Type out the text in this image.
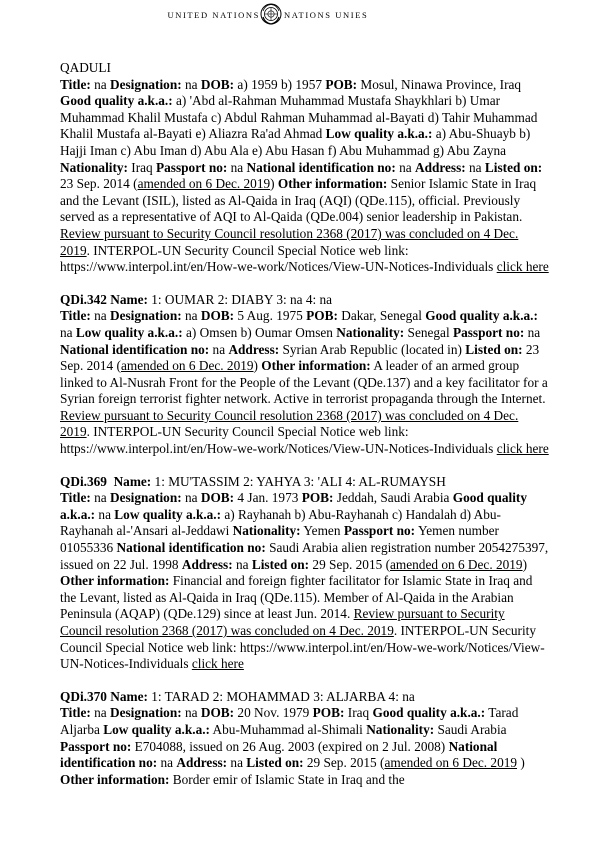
UNITED NATIONS	NATIONS UNIES

QADULI

Title: na Designation: na DOB: a) 1959 b) 1957 POB: Mosul, Ninawa Province, Iraq Good quality a.k.a.: a) 'Abd al-Rahman Muhammad Mustafa Shaykhlari b) Umar Muhammad Khalil Mustafa c) Abdul Rahman Muhammad al-Bayati d) Tahir Muhammad Khalil Mustafa al-Bayati e) Aliazra Ra'ad Ahmad Low quality a.k.a.: a) Abu-Shuayb b) Hajji Iman c) Abu Iman d) Abu Ala e) Abu Hasan f) Abu Muhammad g) Abu Zayna Nationality: Iraq Passport no: na National identification no: na Address: na Listed on: 23 Sep. 2014 (amended on 6 Dec. 2019) Other information: Senior Islamic State in Iraq and the Levant (ISIL), listed as Al-Qaida in Iraq (AQI) (QDe.115), official. Previously served as a representative of AQI to Al-Qaida (QDe.004) senior leadership in Pakistan. Review pursuant to Security Council resolution 2368 (2017) was concluded on 4 Dec. 2019. INTERPOL-UN Security Council Special Notice web link: https://www.interpol.int/en/How-we-work/Notices/View-UN-Notices-Individuals click here

QDi.342 Name: 1: OUMAR 2: DIABY 3: na 4: na

Title: na Designation: na DOB: 5 Aug. 1975 POB: Dakar, Senegal Good quality a.k.a.: na Low quality a.k.a.: a) Omsen b) Oumar Omsen Nationality: Senegal Passport no: na National identification no: na Address: Syrian Arab Republic (located in) Listed on: 23 Sep. 2014 (amended on 6 Dec. 2019) Other information: A leader of an armed group linked to Al-Nusrah Front for the People of the Levant (QDe.137) and a key facilitator for a Syrian foreign terrorist fighter network. Active in terrorist propaganda through the Internet. Review pursuant to Security Council resolution 2368 (2017) was concluded on 4 Dec. 2019. INTERPOL-UN Security Council Special Notice web link: https://www.interpol.int/en/How-we-work/Notices/View-UN-Notices-Individuals click here

QDi.369  Name: 1: MU'TASSIM 2: YAHYA 3: 'ALI 4: AL-RUMAYSH

Title: na Designation: na DOB: 4 Jan. 1973 POB: Jeddah, Saudi Arabia Good quality a.k.a.: na Low quality a.k.a.: a) Rayhanah b) Abu-Rayhanah c) Handalah d) Abu-Rayhanah al-'Ansari al-Jeddawi Nationality: Yemen Passport no: Yemen number 01055336 National identification no: Saudi Arabia alien registration number 2054275397, issued on 22 Jul. 1998 Address: na Listed on: 29 Sep. 2015 (amended on 6 Dec. 2019) Other information: Financial and foreign fighter facilitator for Islamic State in Iraq and the Levant, listed as Al-Qaida in Iraq (QDe.115). Member of Al-Qaida in the Arabian Peninsula (AQAP) (QDe.129) since at least Jun. 2014. Review pursuant to Security Council resolution 2368 (2017) was concluded on 4 Dec. 2019. INTERPOL-UN Security Council Special Notice web link: https://www.interpol.int/en/How-we-work/Notices/View-UN-Notices-Individuals click here

QDi.370 Name: 1: TARAD 2: MOHAMMAD 3: ALJARBA 4: na

Title: na Designation: na DOB: 20 Nov. 1979 POB: Iraq Good quality a.k.a.: Tarad Aljarba Low quality a.k.a.: Abu-Muhammad al-Shimali Nationality: Saudi Arabia Passport no: E704088, issued on 26 Aug. 2003 (expired on 2 Jul. 2008) National identification no: na Address: na Listed on: 29 Sep. 2015 (amended on 6 Dec. 2019 ) Other information: Border emir of Islamic State in Iraq and the
